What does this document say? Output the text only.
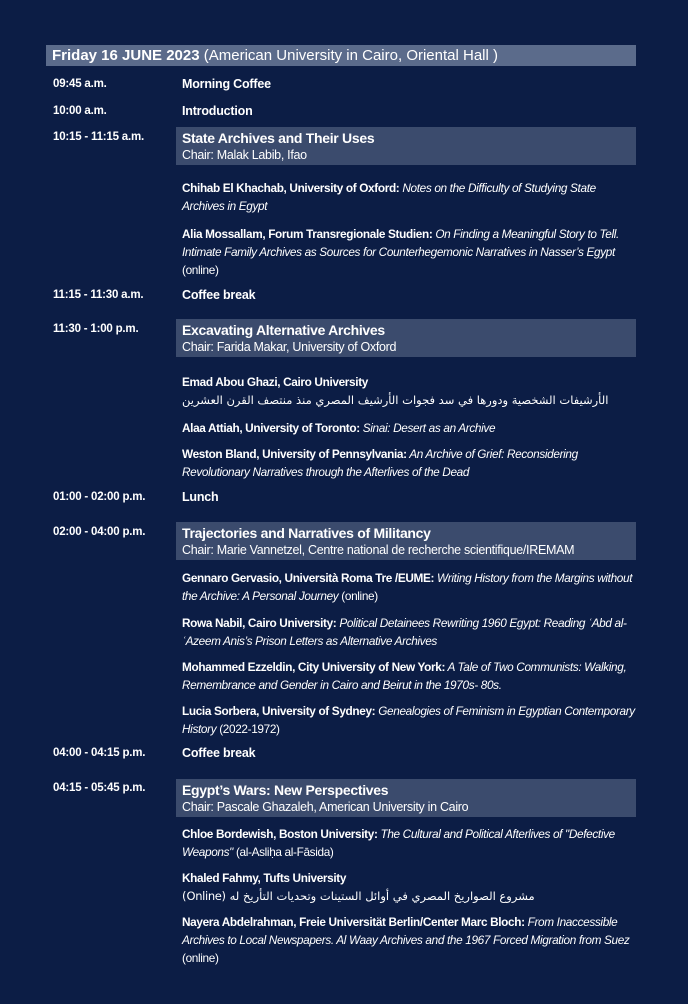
Friday 16 JUNE 2023 (American University in Cairo, Oriental Hall )
09:45 a.m.	Morning Coffee
10:00 a.m.	Introduction
10:15 - 11:15 a.m.	State Archives and Their Uses
Chair: Malak Labib, Ifao
Chihab El Khachab, University of Oxford: Notes on the Difficulty of Studying State Archives in Egypt
Alia Mossallam, Forum Transregionale Studien: On Finding a Meaningful Story to Tell. Intimate Family Archives as Sources for Counterhegemonic Narratives in Nasser’s Egypt (online)
11:15 - 11:30 a.m.	Coffee break
11:30 - 1:00 p.m.	Excavating Alternative Archives
Chair: Farida Makar, University of Oxford
Emad Abou Ghazi, Cairo University
الأرشيفات الشخصية ودورها في سد فجوات الأرشيف المصري منذ منتصف القرن العشرين
Alaa Attiah, University of Toronto: Sinai: Desert as an Archive
Weston Bland, University of Pennsylvania: An Archive of Grief: Reconsidering Revolutionary Narratives through the Afterlives of the Dead
01:00 - 02:00 p.m.	Lunch
02:00 - 04:00 p.m.	Trajectories and Narratives of Militancy
Chair: Marie Vannetzel, Centre national de recherche scientifique/IREMAM
Gennaro Gervasio, Università Roma Tre /EUME: Writing History from the Margins without the Archive: A Personal Journey (online)
Rowa Nabil, Cairo University: Political Detainees Rewriting 1960 Egypt: Reading ʿAbd al-ʿAzeem Anis’s Prison Letters as Alternative Archives
Mohammed Ezzeldin, City University of New York: A Tale of Two Communists: Walking, Remembrance and Gender in Cairo and Beirut in the 1970s- 80s.
Lucia Sorbera, University of Sydney: Genealogies of Feminism in Egyptian Contemporary History (2022-1972)
04:00 - 04:15 p.m.	Coffee break
04:15 - 05:45 p.m.	Egypt’s Wars: New Perspectives
Chair: Pascale Ghazaleh, American University in Cairo
Chloe Bordewish, Boston University: The Cultural and Political Afterlives of "Defective Weapons" (al-Asliḥa al-Fāsida)
Khaled Fahmy, Tufts University
مشروع الصواريخ المصري في أوائل الستينات وتحديات التأريخ له (Online)
Nayera Abdelrahman, Freie Universität Berlin/Center Marc Bloch: From Inaccessible Archives to Local Newspapers. Al Waay Archives and the 1967 Forced Migration from Suez (online)
